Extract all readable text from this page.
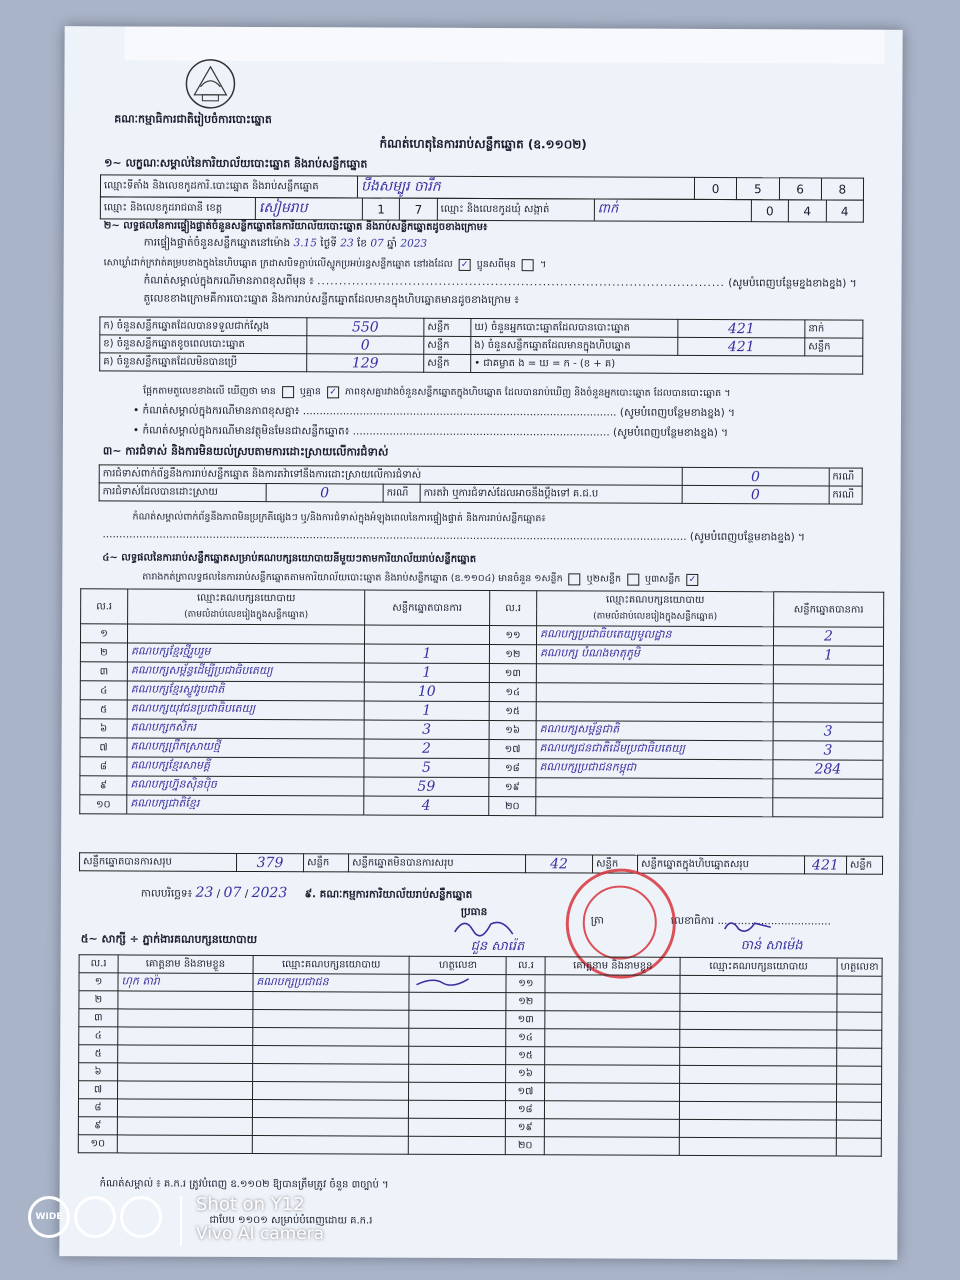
គណៈកម្មាធិការជាតិរៀបចំការបោះឆ្នោត
កំណត់ហេតុនៃការរាប់សន្លឹកឆ្នោត (ឧ.១១០២)
១~ លក្ខណៈសម្គាល់នៃការិយាល័យបោះឆ្នោត និងរាប់សន្លឹកឆ្នោត
ឈ្មោះទីតាំង និងលេខកូដការិ.បោះឆ្នោត និងរាប់សន្លឹកឆ្នោត	បឹងសម្បូរ ចារឹក	0	5	6	8
ឈ្មោះ និងលេខកូដរាជធានី ខេត្ត	សៀមរាប	1	7	ឈ្មោះ និងលេខកូដឃុំ សង្កាត់	ពាក់	0	4	4
២~ លទ្ធផលនៃការផ្ទៀងផ្ទាត់ចំនួនសន្លឹកឆ្នោតនៃការិយាល័យបោះឆ្នោត និងរាប់សន្លឹកឆ្នោតដូចខាងក្រោម៖
ការផ្ទៀងផ្ទាត់ចំនួនសន្លឹកឆ្នោតនៅម៉ោង 3.15 ថ្ងៃទី 23 ខែ 07 ឆ្នាំ 2023
សោឃ្លាំដាក់ក្រវាត់គម្របខាងក្នុងនៃហិបឆ្នោត ក្រដាសបិទភ្ជាប់លើស្នូកប្រអប់រន្ធសន្លឹកឆ្នោត នៅរងដែល ✓ ប្អូនសពីមុន	។
កំណត់សម្គាល់ក្នុងករណីមានភាពខុសពីមុន ៖ .............................................................................................. (សូមបំពេញបន្ថែមខ្នងខាងខ្នង) ។
តួលេខខាងក្រោមគឺការបោះឆ្នោត និងការរាប់សន្លឹកឆ្នោតដែលមានក្នុងហិបឆ្នោតមានដូចខាងក្រោម ៖
ក) ចំនួនសន្លឹកឆ្នោតដែលបានទទួលជាក់ស្តែង	550	សន្លឹក	ឃ) ចំនួនអ្នកបោះឆ្នោតដែលបានបោះឆ្នោត	421	នាក់
ខ) ចំនួនសន្លឹកឆ្នោតខូចពេលបោះឆ្នោត	0	សន្លឹក	ង) ចំនួនសន្លឹកឆ្នោតដែលមានក្នុងហិបឆ្នោត	421	សន្លឹក
គ) ចំនួនសន្លឹកឆ្នោតដែលមិនបានប្រើ	129	សន្លឹក	• ជាគម្លាត ង = ឃ = ក - (ខ + គ)		
ផ្អែកតាមតួលេខខាងលើ ឃើញថា មាន	ឬគ្មាន ✓ ភាពខុសគ្នារវាងចំនួនសន្លឹកឆ្នោតក្នុងហិបឆ្នោត ដែលបានរាប់ឃើញ និងចំនួនអ្នកបោះឆ្នោត ដែលបានបោះឆ្នោត ។
• កំណត់សម្គាល់ក្នុងករណីមានភាពខុសគ្នា៖ .............................................................................................. (សូមបំពេញបន្ថែមខាងខ្នង) ។
• កំណត់សម្គាល់ក្នុងករណីមានវត្ថុមិនមែនជាសន្លឹកឆ្នោត៖ ............................................................................. (សូមបំពេញបន្ថែមខាងខ្នង) ។
៣~ ការជំទាស់ និងការមិនយល់ស្របតាមការដោះស្រាយលើការជំទាស់
ការជំទាស់ពាក់ព័ន្ធនឹងការរាប់សន្លឹកឆ្នោត និងការតវ៉ាទៅនឹងការដោះស្រាយលើការជំទាស់				0	ករណី
ការជំទាស់ដែលបានដោះស្រាយ	0	ករណី	ការតវ៉ា ឬការជំទាស់ដែលអាចនឹងប្តឹងទៅ គ.ជ.ប	0	ករណី
កំណត់សម្គាល់ពាក់ព័ន្ធនឹងភាពមិនប្រក្រតីផ្សេងៗ ឬ/និងការជំទាស់ក្នុងអំឡុងពេលនៃការផ្ទៀងផ្ទាត់ និងការរាប់សន្លឹកឆ្នោត៖
............................................................................................................................................................................... (សូមបំពេញបន្ថែមខាងខ្នង) ។
៤~ លទ្ធផលនៃការរាប់សន្លឹកឆ្នោតសម្រាប់គណបក្សនយោបាយនីមួយៗតាមការិយាល័យរាប់សន្លឹកឆ្នោត
តារាងកត់ត្រាលទ្ធផលនៃការរាប់សន្លឹកឆ្នោតតាមការិយាល័យបោះឆ្នោត និងរាប់សន្លឹកឆ្នោត (ឧ.១១០៤) មានចំនួន ១សន្លឹក	ឬ២សន្លឹក	ឬ៣សន្លឹក ✓
ល.រ	ឈ្មោះគណបក្សនយោបាយ	សន្លឹកឆ្នោតបានការ	ល.រ	ឈ្មោះគណបក្សនយោបាយ	សន្លឹកឆ្នោតបានការ
	(តាមលំដាប់លេខរៀងក្នុងសន្លឹកឆ្នោត)			(តាមលំដាប់លេខរៀងក្នុងសន្លឹកឆ្នោត)	
១			១១	គណបក្សប្រជាធិបតេយ្យមូលដ្ឋាន	2
២	គណបក្សខ្មែរថ្មីរួបរួម	1	១២	គណបក្ស បំណងមាតុភូមិ	1
៣	គណបក្សសម្ព័ន្ធដើម្បីប្រជាធិបតេយ្យ	1	១៣		
៤	គណបក្សខ្មែរស្ទូវរូបជាតិ	10	១៤		
៥	គណបក្សយុវជនប្រជាធិបតេយ្យ	1	១៥		
៦	គណបក្សកសិករ	3	១៦	គណបក្សសម្ព័ន្ធជាតិ	3
៧	គណបក្សព្រឹកស្រាយថ្មី	2	១៧	គណបក្សជនជាតិដើមប្រជាធិបតេយ្យ	3
៨	គណបក្សខ្មែរសាមគ្គី	5	១៨	គណបក្សប្រជាជនកម្ពុជា	284
៩	គណបក្សហ្វ៊ុនស៊ិនប៉ិច	59	១៩		
១០	គណបក្សជាតិខ្មែរ	4	២០		
សន្លឹកឆ្នោតបានការសរុប	379	សន្លឹក	សន្លឹកឆ្នោតមិនបានការសរុប	42	សន្លឹក	សន្លឹកឆ្នោតក្នុងហិបឆ្នោតសរុប	421	សន្លឹក
កាលបរិច្ឆេទ៖ 23 / 07 / 2023 ៩. គណៈកម្មការការិយាល័យរាប់សន្លឹកឆ្នោត
ប្រធាន
ត្រា	លេខាធិការ ..................................
ជួន សារ៉េត	ចាន់ សាម៉េង
៥~ សាក្សី ÷ ភ្នាក់ងារគណបក្សនយោបាយ
ល.រ	គោត្តនាម និងនាមខ្លួន	ឈ្មោះគណបក្សនយោបាយ	ហត្ថលេខា	ល.រ	គោត្តនាម និងនាមខ្លួន	ឈ្មោះគណបក្សនយោបាយ	ហត្ថលេខា
១	ហុក តារ៉ា	គណបក្សប្រជាជន		១១			
២				១២			
៣				១៣			
៤				១៤			
៥				១៥			
៦				១៦			
៧				១៧			
៨				១៨			
៩				១៩			
១០				២០			
កំណត់សម្គាល់ ៖ គ.ក.រ ត្រូវបំពេញ ឧ.១១០២ ឱ្យបានត្រឹមត្រូវ ចំនួន ៣ច្បាប់ ។
ជាបែប ១១០១ សម្រាប់បំពេញដោយ គ.ក.រ
WIDE
Shot on Y12
Vivo AI camera
